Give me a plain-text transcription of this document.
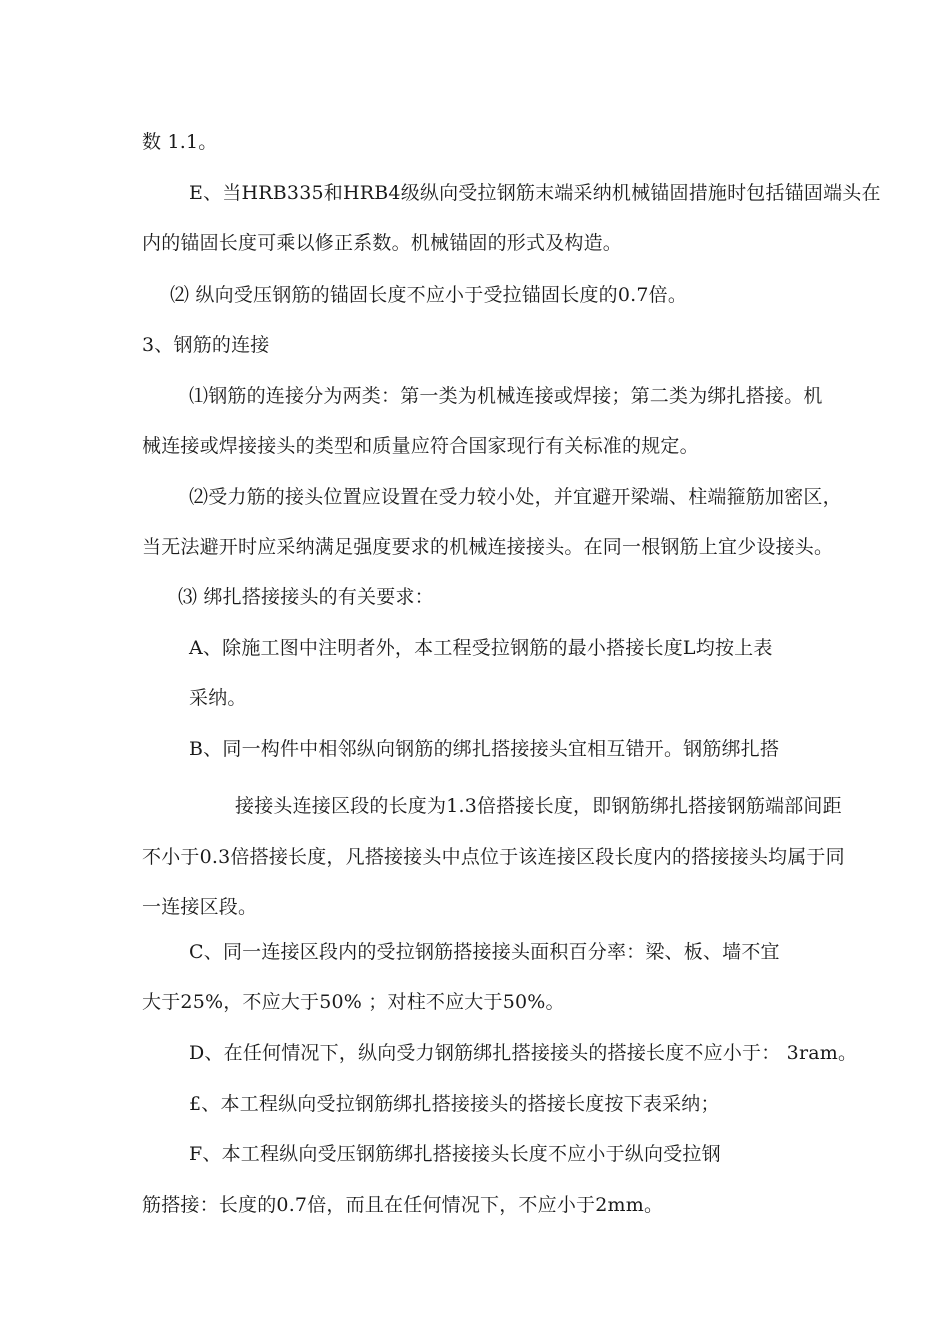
数 1.1。
E、当HRB335和HRB4级纵向受拉钢筋末端采纳机械锚固措施时包括锚固端头在
内的锚固长度可乘以修正系数。机械锚固的形式及构造。
⑵ 纵向受压钢筋的锚固长度不应小于受拉锚固长度的0.7倍。
3、钢筋的连接
⑴钢筋的连接分为两类：第一类为机械连接或焊接；第二类为绑扎搭接。机
械连接或焊接接头的类型和质量应符合国家现行有关标准的规定。
⑵受力筋的接头位置应设置在受力较小处，并宜避开梁端、柱端箍筋加密区，
当无法避开时应采纳满足强度要求的机械连接接头。在同一根钢筋上宜少设接头。
⑶ 绑扎搭接接头的有关要求：
A、除施工图中注明者外，本工程受拉钢筋的最小搭接长度L均按上表
采纳。
B、同一构件中相邻纵向钢筋的绑扎搭接接头宜相互错开。钢筋绑扎搭
接接头连接区段的长度为1.3倍搭接长度，即钢筋绑扎搭接钢筋端部间距
不小于0.3倍搭接长度，凡搭接接头中点位于该连接区段长度内的搭接接头均属于同
一连接区段。
C、同一连接区段内的受拉钢筋搭接接头面积百分率：梁、板、墙不宜
大于25%，不应大于50% ；对柱不应大于50%。
D、在任何情况下，纵向受力钢筋绑扎搭接接头的搭接长度不应小于： 3ram。
£、本工程纵向受拉钢筋绑扎搭接接头的搭接长度按下表采纳；
F、本工程纵向受压钢筋绑扎搭接接头长度不应小于纵向受拉钢
筋搭接：长度的0.7倍，而且在任何情况下，不应小于2mm。
